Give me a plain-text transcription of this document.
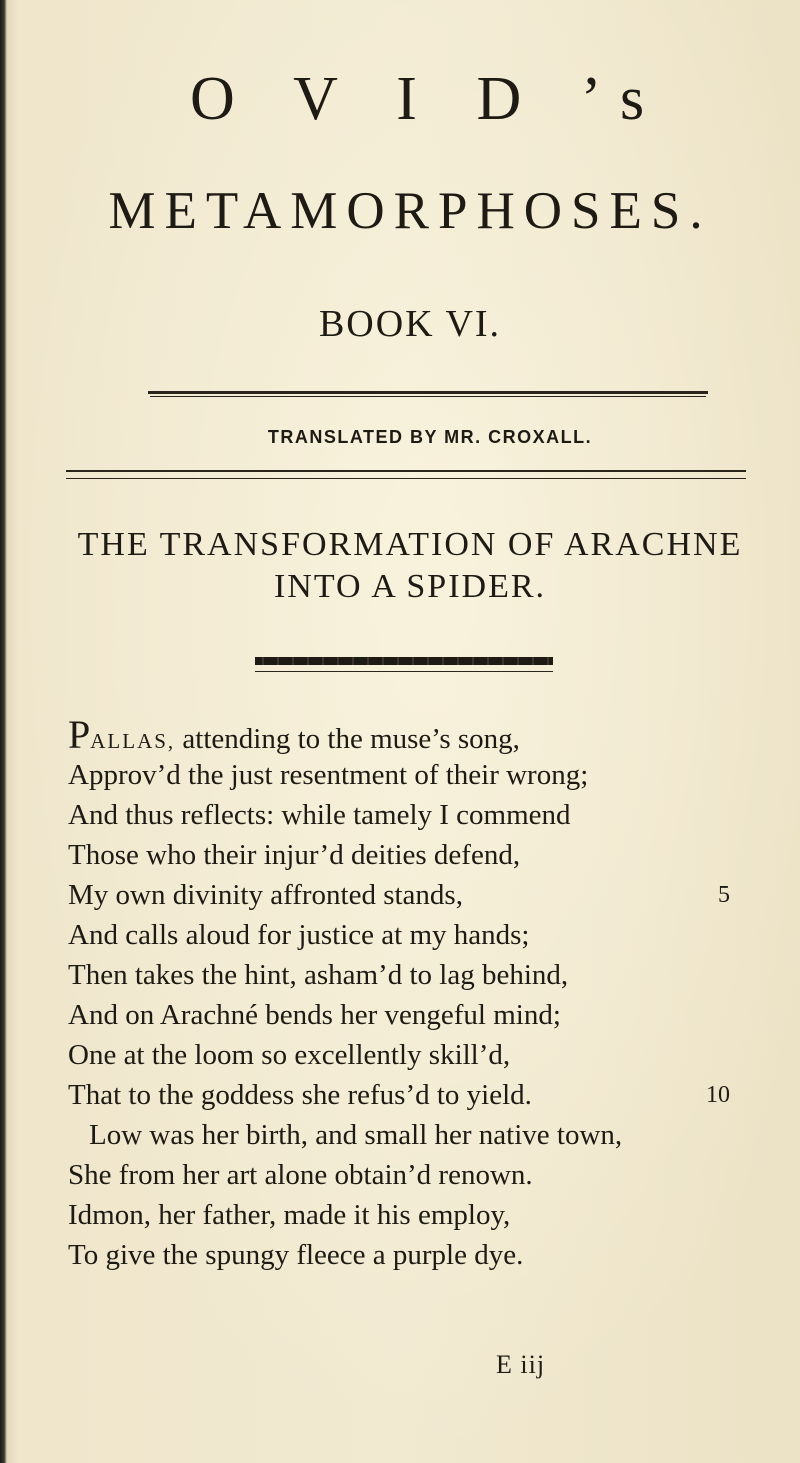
O V I D ’s
METAMORPHOSES.
BOOK VI.
TRANSLATED BY MR. CROXALL.
THE TRANSFORMATION OF ARACHNE
INTO A SPIDER.
PALLAS, attending to the muse’s song,
Approv’d the just resentment of their wrong;
And thus reflects: while tamely I commend
Those who their injur’d deities defend,
My own divinity affronted stands,	5
And calls aloud for justice at my hands;
Then takes the hint, asham’d to lag behind,
And on Arachné bends her vengeful mind;
One at the loom so excellently skill’d,
That to the goddess she refus’d to yield.	10
Low was her birth, and small her native town,
She from her art alone obtain’d renown.
Idmon, her father, made it his employ,
To give the spungy fleece a purple dye.
E iij
